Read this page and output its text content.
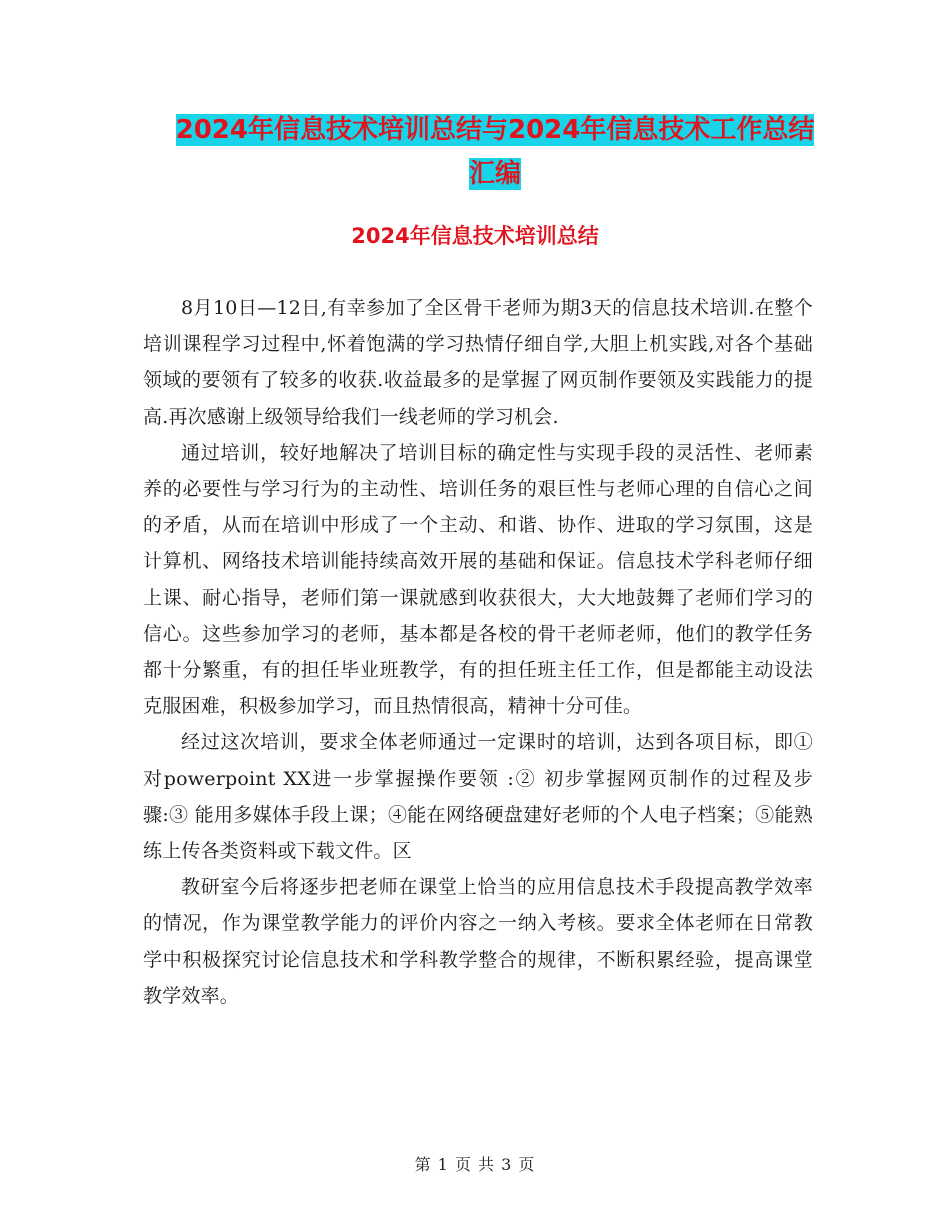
2024年信息技术培训总结与2024年信息技术工作总结
汇编
2024年信息技术培训总结

8月10日—12日,有幸参加了全区骨干老师为期3天的信息技术培训.在整个培训课程学习过程中,怀着饱满的学习热情仔细自学,大胆上机实践,对各个基础领域的要领有了较多的收获.收益最多的是掌握了网页制作要领及实践能力的提高.再次感谢上级领导给我们一线老师的学习机会.

通过培训，较好地解决了培训目标的确定性与实现手段的灵活性、老师素养的必要性与学习行为的主动性、培训任务的艰巨性与老师心理的自信心之间的矛盾，从而在培训中形成了一个主动、和谐、协作、进取的学习氛围，这是计算机、网络技术培训能持续高效开展的基础和保证。信息技术学科老师仔细上课、耐心指导，老师们第一课就感到收获很大，大大地鼓舞了老师们学习的信心。这些参加学习的老师，基本都是各校的骨干老师老师，他们的教学任务都十分繁重，有的担任毕业班教学，有的担任班主任工作，但是都能主动设法克服困难，积极参加学习，而且热情很高，精神十分可佳。

经过这次培训，要求全体老师通过一定课时的培训，达到各项目标，即①对powerpoint XX进一步掌握操作要领 :② 初步掌握网页制作的过程及步骤:③ 能用多媒体手段上课；④能在网络硬盘建好老师的个人电子档案；⑤能熟练上传各类资料或下载文件。区

教研室今后将逐步把老师在课堂上恰当的应用信息技术手段提高教学效率的情况，作为课堂教学能力的评价内容之一纳入考核。要求全体老师在日常教学中积极探究讨论信息技术和学科教学整合的规律，不断积累经验，提高课堂教学效率。

第 1 页 共 3 页
